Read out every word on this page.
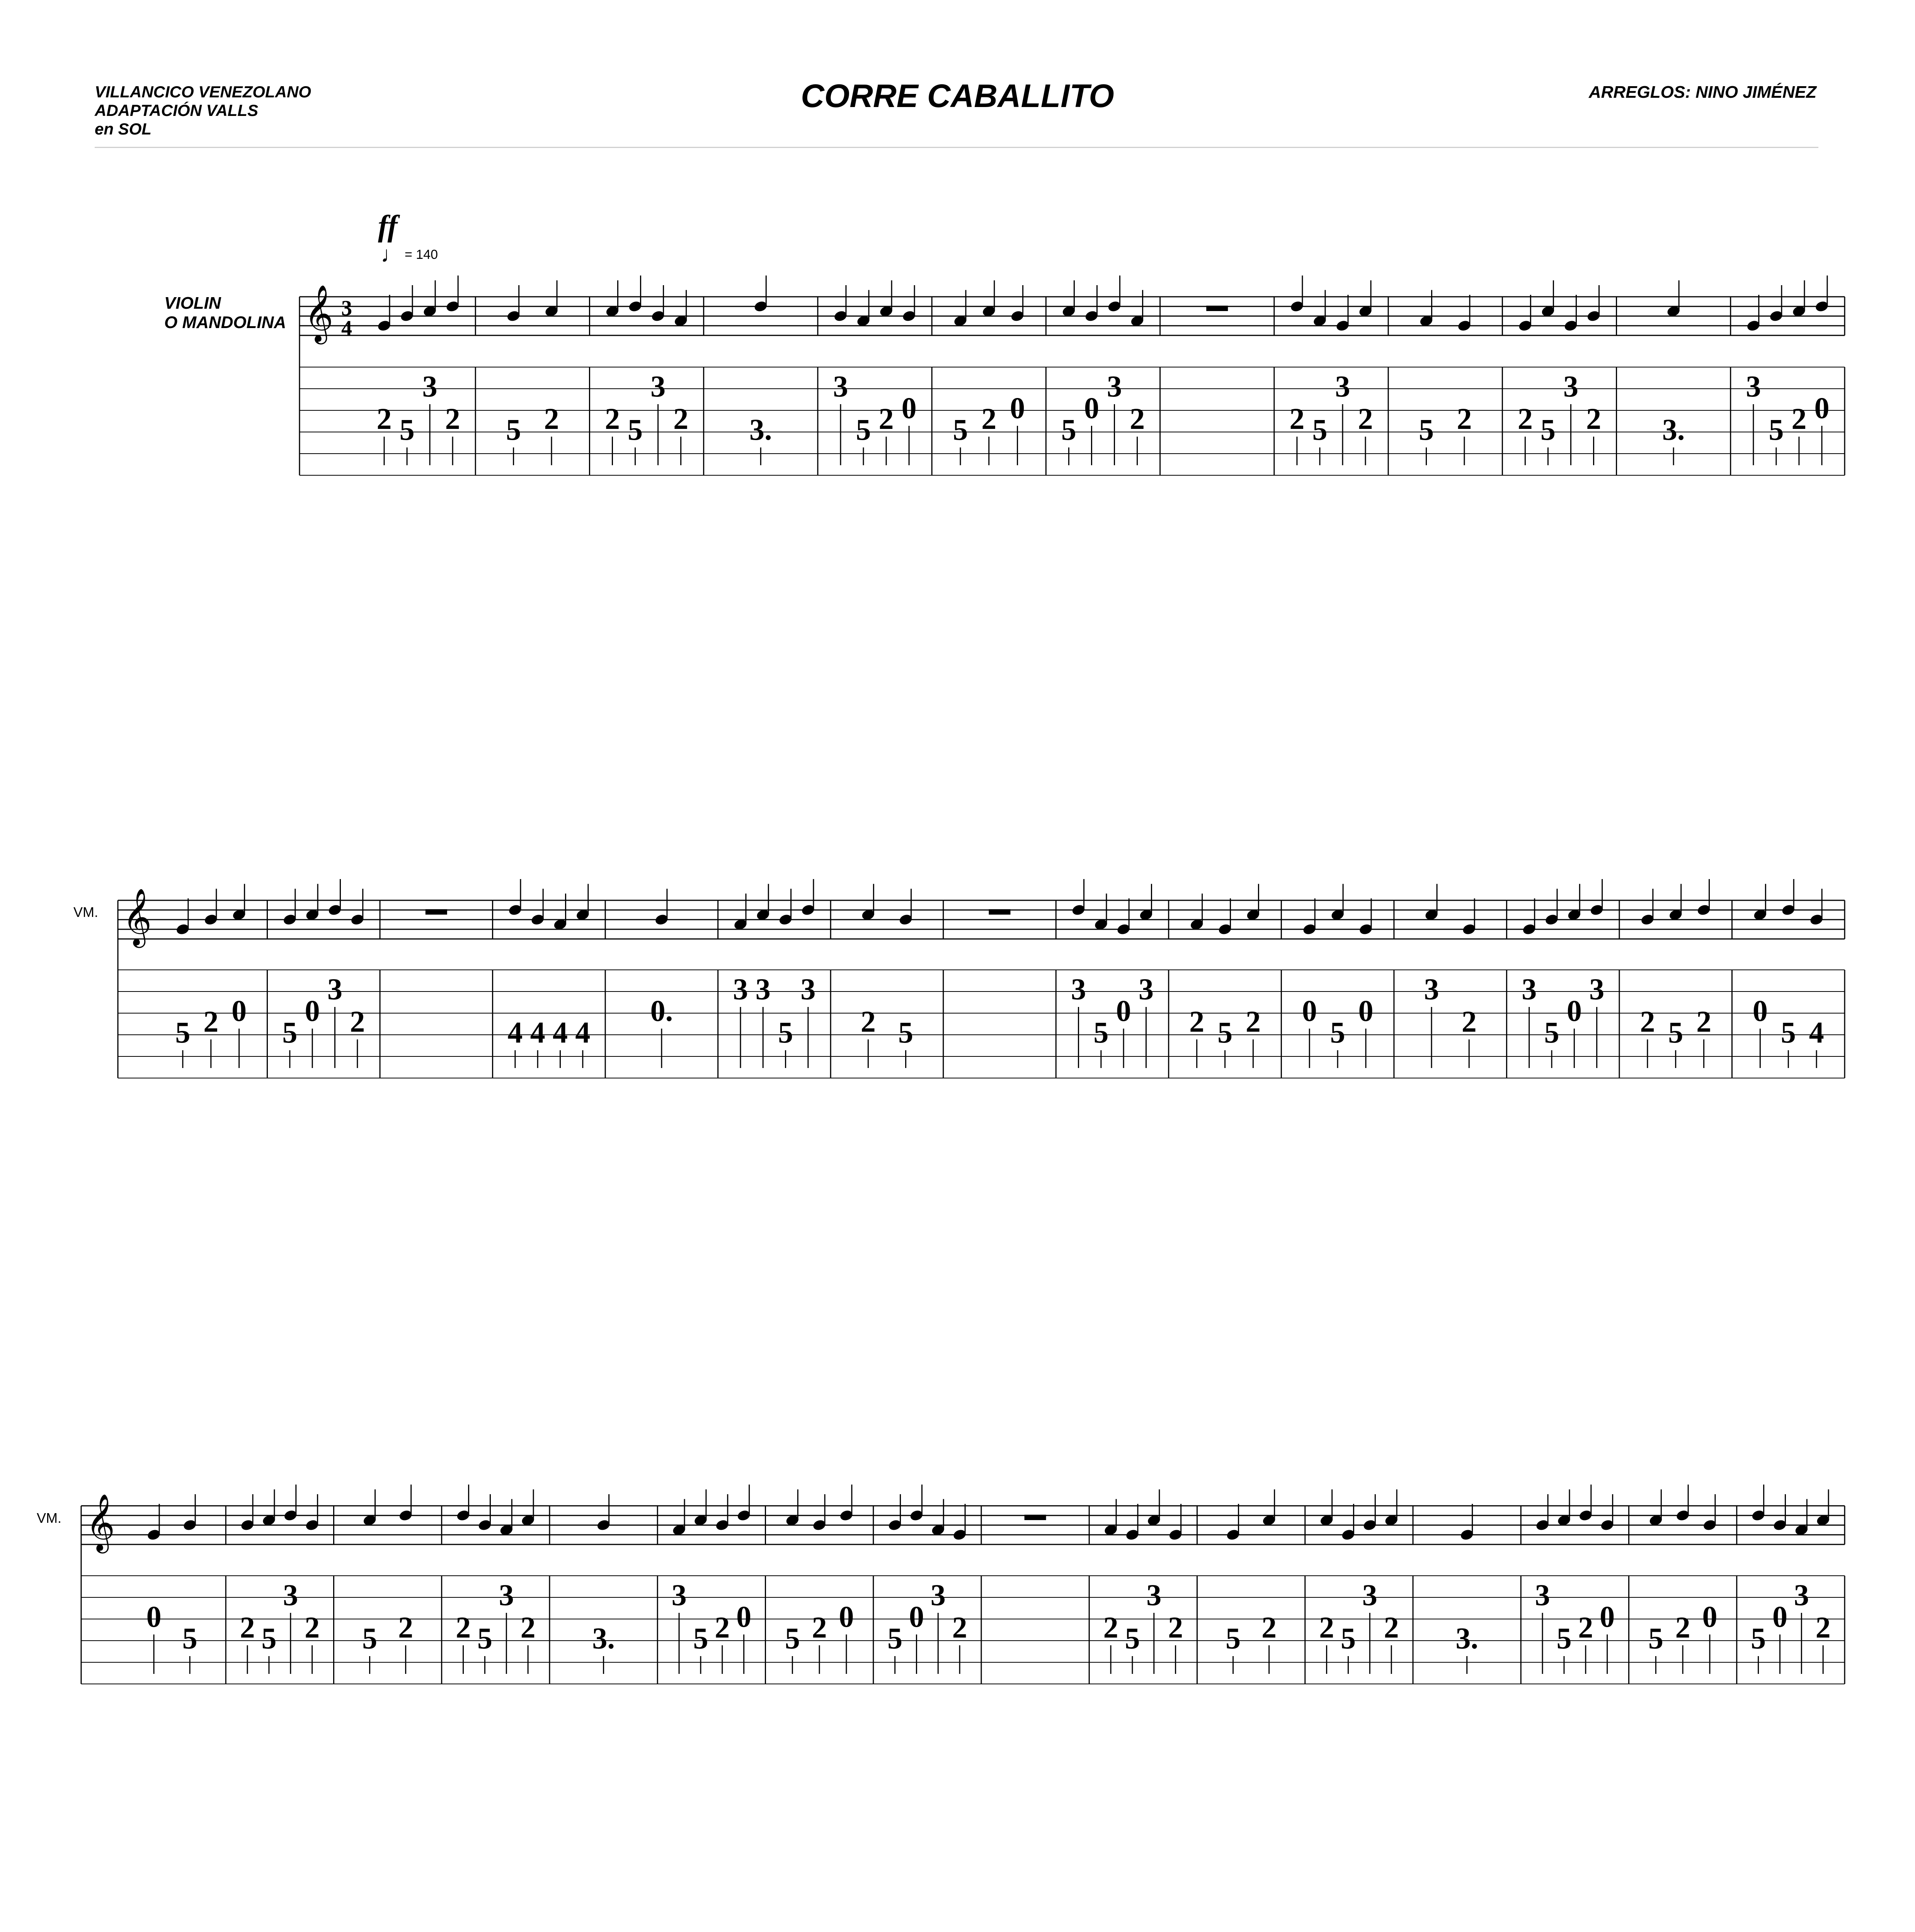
VILLANCICO VENEZOLANO
ADAPTACIÓN VALLS
en SOL
CORRE CABALLITO	ARREGLOS: NINO JIMÉNEZ
ff
♩ = 140
VIOLIN
O MANDOLINA
VM.
VM.
𝄞 3
4
2 5
3
2 5 2 2 5
3
2 3.
3
5 2 0
5 2 0
5
0
3
2	2 5
3
2 5 2 2 5
3
2 3.
3
5 2 0
𝄞
5 2 0
5
0
3
2	4 4 4 4
0.
3 3
5
3
2 5
3
5
0
3
2 5 2 0
5
0
3
2
3
5
0
3
2 5 2 0
5 4
𝄞
0
5 2 5
3
2 5 2 2 5
3
2 3.
3
5 2 0
5 2 0
5
0
3
2	2 5
3
2 5 2 2 5
3
2 3.
3
5 2 0
5 2 0
5
0
3
2
